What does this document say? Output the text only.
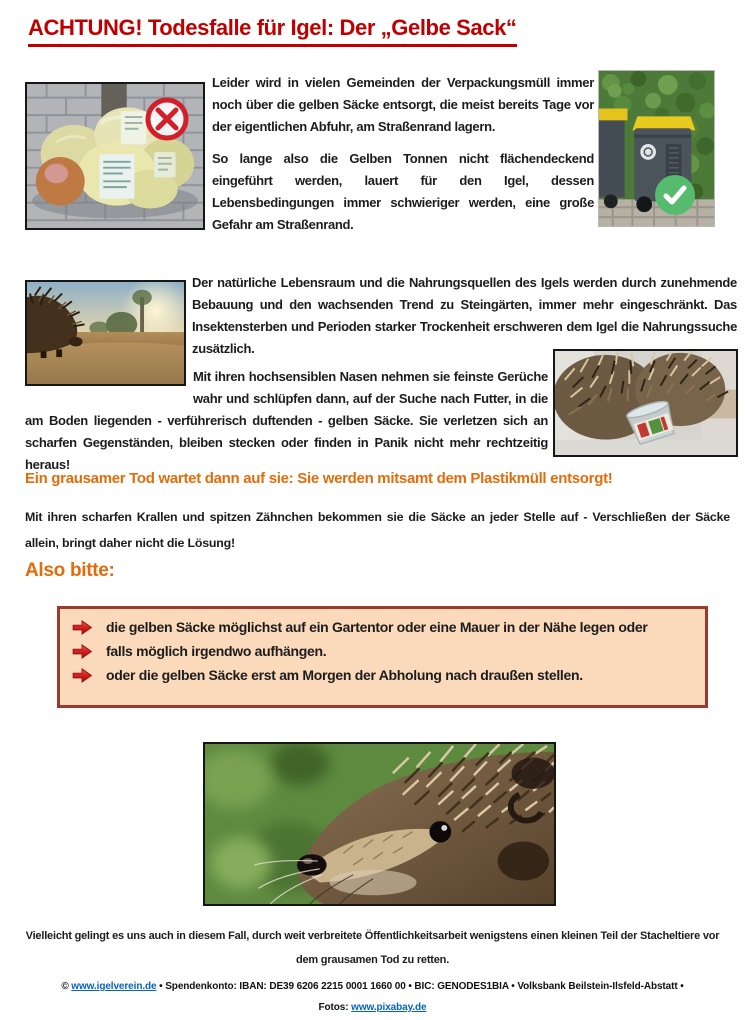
ACHTUNG! Todesfalle für Igel: Der „Gelbe Sack“

Leider wird in vielen Gemeinden der Verpackungsmüll immer noch über die gelben Säcke entsorgt, die meist bereits Tage vor der eigentlichen Abfuhr, am Straßenrand lagern.

So lange also die Gelben Tonnen nicht flächendeckend eingeführt werden, lauert für den Igel, dessen Lebensbedingungen immer schwieriger werden, eine große Gefahr am Straßenrand.

Der natürliche Lebensraum und die Nahrungsquellen des Igels werden durch zunehmende Bebauung und den wachsenden Trend zu Steingärten, immer mehr eingeschränkt. Das Insektensterben und Perioden starker Trockenheit erschweren dem Igel die Nahrungssuche zusätzlich.

Mit ihren hochsensiblen Nasen nehmen sie feinste Gerüche wahr und schlüpfen dann, auf der Suche nach Futter, in die am Boden liegenden - verführerisch duftenden - gelben Säcke. Sie verletzen sich an scharfen Gegenständen, bleiben stecken oder finden in Panik nicht mehr rechtzeitig heraus!

Ein grausamer Tod wartet dann auf sie: Sie werden mitsamt dem Plastikmüll entsorgt!
Mit ihren scharfen Krallen und spitzen Zähnchen bekommen sie die Säcke an jeder Stelle auf - Verschließen der Säcke allein, bringt daher nicht die Lösung!
Also bitte:
die gelben Säcke möglichst auf ein Gartentor oder eine Mauer in der Nähe legen oder
falls möglich irgendwo aufhängen.
oder die gelben Säcke erst am Morgen der Abholung nach draußen stellen.
Vielleicht gelingt es uns auch in diesem Fall, durch weit verbreitete Öffentlichkeitsarbeit wenigstens einen kleinen Teil der Stacheltiere vor dem grausamen Tod zu retten.
© www.igelverein.de • Spendenkonto: IBAN: DE39 6206 2215 0001 1660 00 • BIC: GENODES1BIA • Volksbank Beilstein-Ilsfeld-Abstatt •
Fotos: www.pixabay.de
